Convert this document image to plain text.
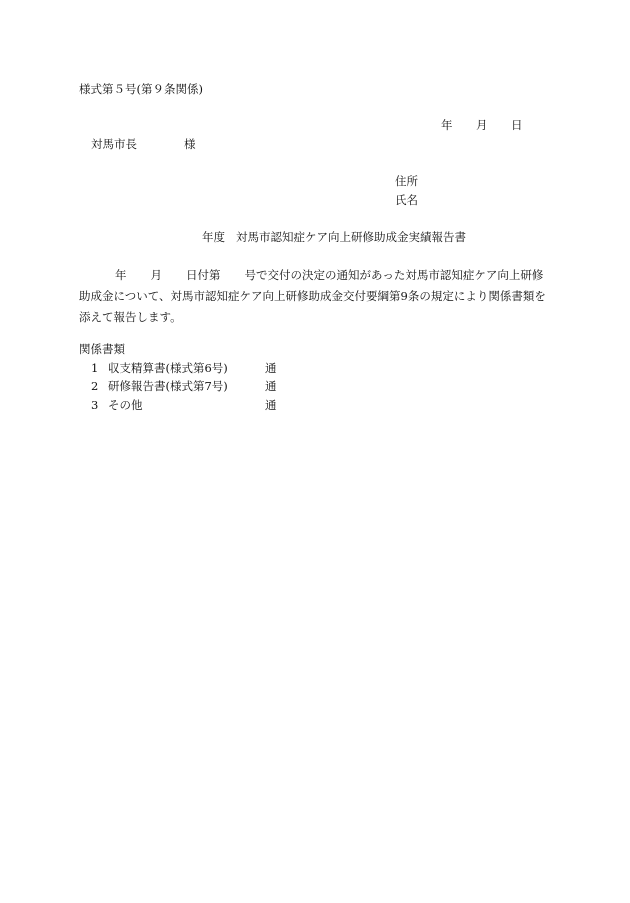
様式第５号(第９条関係)
年 月 日
対馬市長	様
住所
氏名
年度 対馬市認知症ケア向上研修助成金実績報告書
年 月 日付第 号で交付の決定の通知があった対馬市認知症ケア向上研修助成金について、対馬市認知症ケア向上研修助成金交付要綱第9条の規定により関係書類を添えて報告します。
関係書類
1 収支精算書(様式第6号)	通
2 研修報告書(様式第7号)	通
3 その他	通
